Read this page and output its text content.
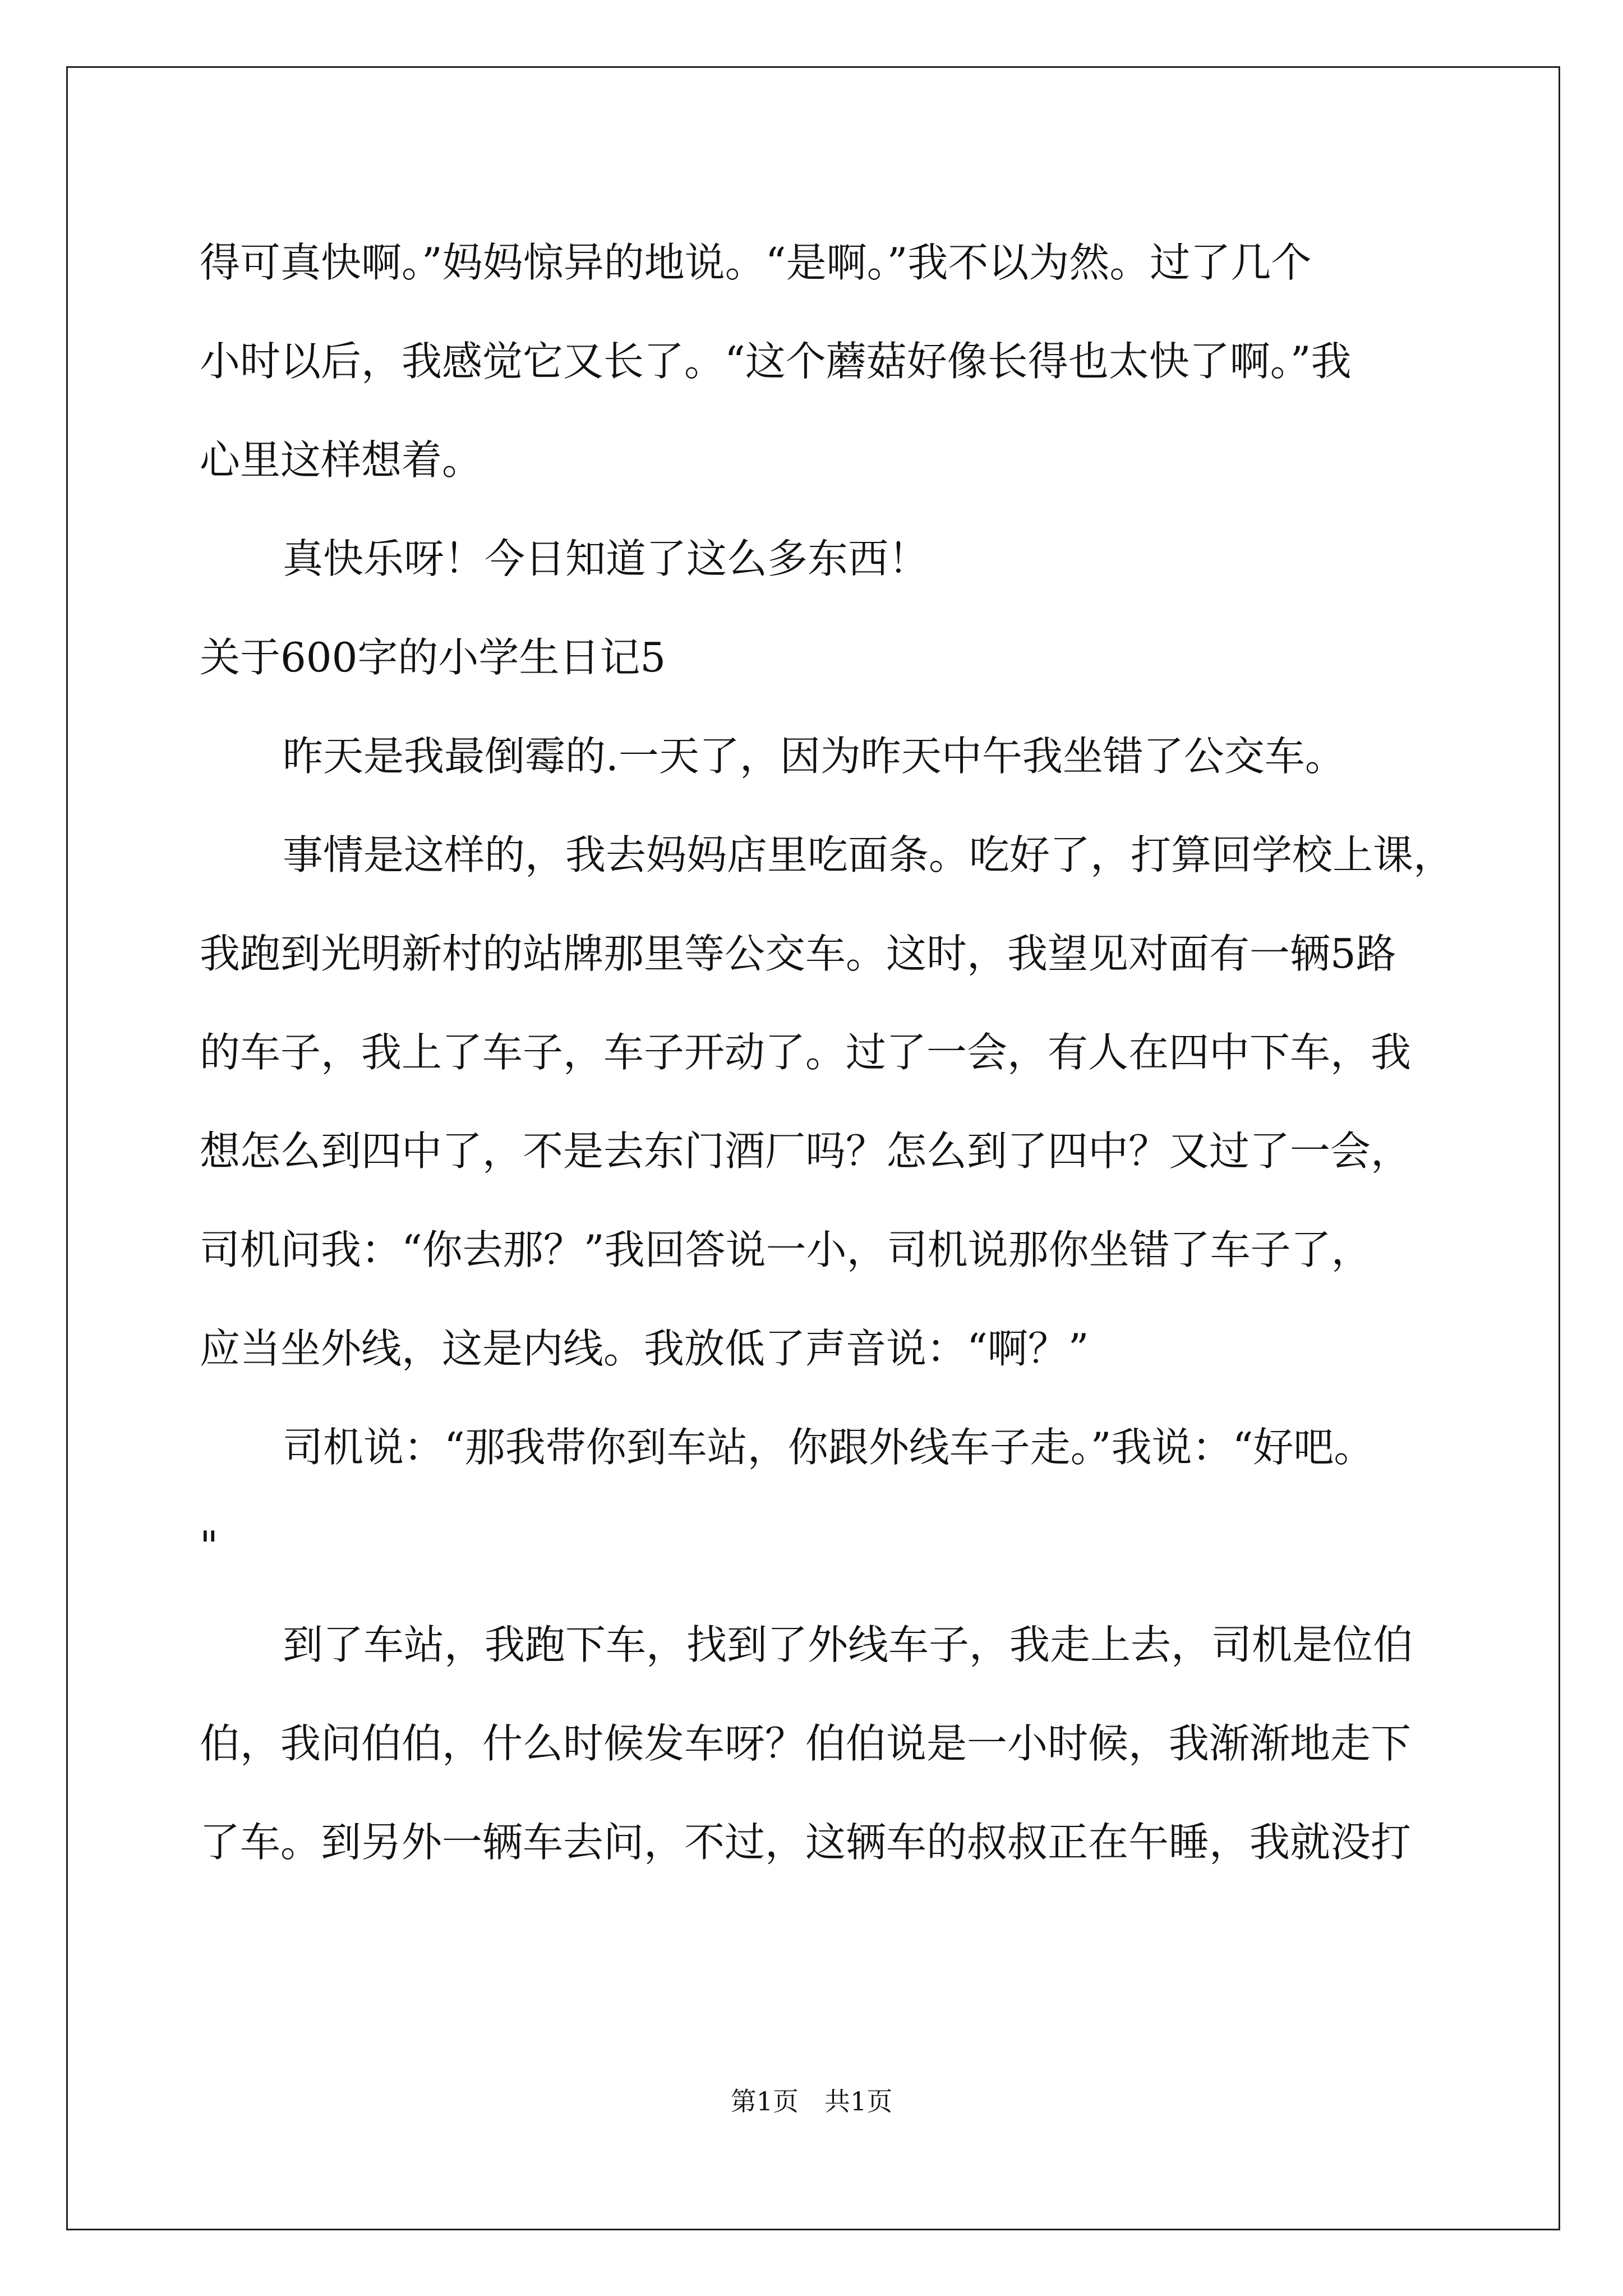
得可真快啊。”妈妈惊异的地说。“是啊。”我不以为然。过了几个
小时以后，我感觉它又长了。“这个蘑菇好像长得也太快了啊。”我
心里这样想着。
真快乐呀！今日知道了这么多东西！
关于600字的小学生日记5
昨天是我最倒霉的.一天了，因为昨天中午我坐错了公交车。
事情是这样的，我去妈妈店里吃面条。吃好了，打算回学校上课，
我跑到光明新村的站牌那里等公交车。这时，我望见对面有一辆5路
的车子，我上了车子，车子开动了。过了一会，有人在四中下车，我
想怎么到四中了，不是去东门酒厂吗？怎么到了四中？又过了一会，
司机问我：“你去那？”我回答说一小，司机说那你坐错了车子了，
应当坐外线，这是内线。我放低了声音说：“啊？”
司机说：“那我带你到车站，你跟外线车子走。”我说：“好吧。
"
到了车站，我跑下车，找到了外线车子，我走上去，司机是位伯
伯，我问伯伯，什么时候发车呀？伯伯说是一小时候，我渐渐地走下
了车。到另外一辆车去问，不过，这辆车的叔叔正在午睡，我就没打
第1页　共1页
